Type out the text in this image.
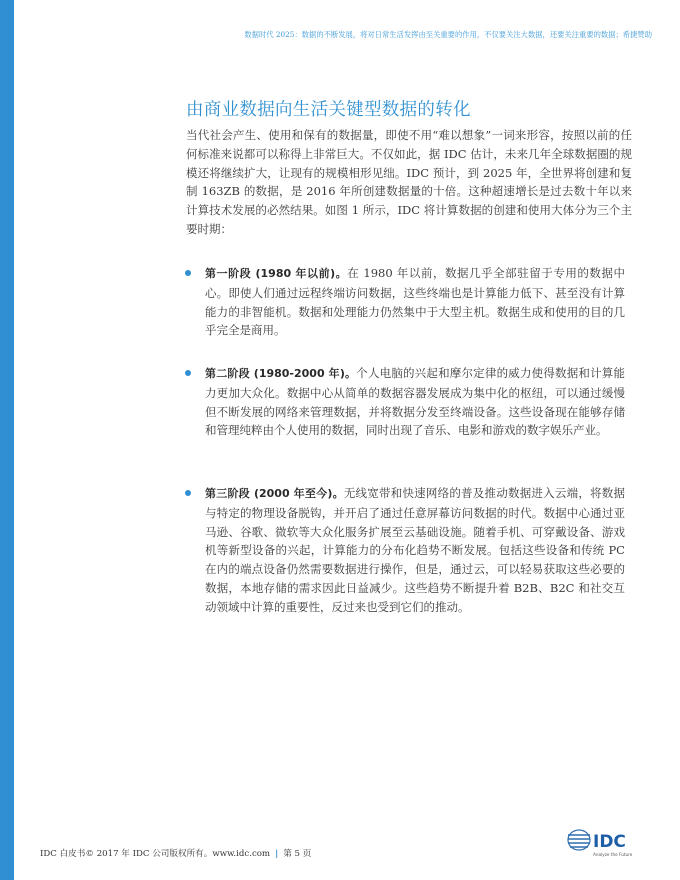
数据时代 2025：数据的不断发展，将对日常生活发挥由至关重要的作用，不仅要关注大数据，还要关注重要的数据；希捷赞助
由商业数据向生活关键型数据的转化

当代社会产生、使用和保有的数据量，即使不用“难以想象”一词来形容，按照以前的任何标准来说都可以称得上非常巨大。不仅如此，据 IDC 估计，未来几年全球数据圈的规模还将继续扩大，让现有的规模相形见绌。IDC 预计，到 2025 年，全世界将创建和复制 163ZB 的数据，是 2016 年所创建数据量的十倍。这种超速增长是过去数十年以来计算技术发展的必然结果。如图 1 所示，IDC 将计算数据的创建和使用大体分为三个主要时期：

第一阶段 (1980 年以前)。在 1980 年以前，数据几乎全部驻留于专用的数据中心。即使人们通过远程终端访问数据，这些终端也是计算能力低下、甚至没有计算能力的非智能机。数据和处理能力仍然集中于大型主机。数据生成和使用的目的几乎完全是商用。
第二阶段 (1980-2000 年)。个人电脑的兴起和摩尔定律的威力使得数据和计算能力更加大众化。数据中心从简单的数据容器发展成为集中化的枢纽，可以通过缓慢但不断发展的网络来管理数据，并将数据分发至终端设备。这些设备现在能够存储和管理纯粹由个人使用的数据，同时出现了音乐、电影和游戏的数字娱乐产业。
第三阶段 (2000 年至今)。无线宽带和快速网络的普及推动数据进入云端，将数据与特定的物理设备脱钩，并开启了通过任意屏幕访问数据的时代。数据中心通过亚马逊、谷歌、微软等大众化服务扩展至云基础设施。随着手机、可穿戴设备、游戏机等新型设备的兴起，计算能力的分布化趋势不断发展。包括这些设备和传统 PC 在内的端点设备仍然需要数据进行操作，但是，通过云，可以轻易获取这些必要的数据，本地存储的需求因此日益减少。这些趋势不断提升着 B2B、B2C 和社交互动领域中计算的重要性，反过来也受到它们的推动。
IDC 白皮书© 2017 年 IDC 公司版权所有。www.idc.com | 第 5 页
IDC
Analyze the Future
